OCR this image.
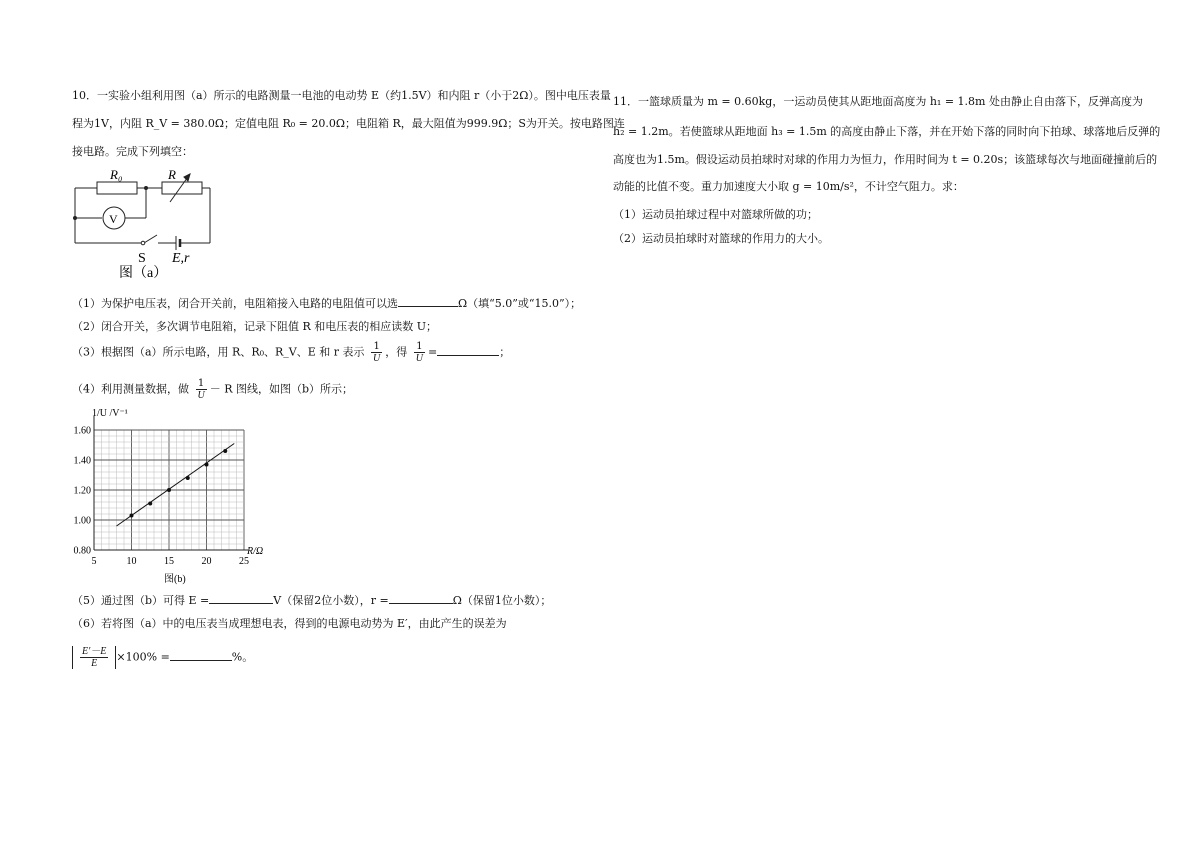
10．一实验小组利用图（a）所示的电路测量一电池的电动势 E（约1.5V）和内阻 r（小于2Ω）。图中电压表量
程为1V，内阻 R_V = 380.0Ω；定值电阻 R₀ = 20.0Ω；电阻箱 R，最大阻值为999.9Ω；S为开关。按电路图连
接电路。完成下列填空：
R₀	R
V
S E,r
图（a）
（1）为保护电压表，闭合开关前，电阻箱接入电路的电阻值可以选	Ω（填“5.0”或“15.0”）；
（2）闭合开关，多次调节电阻箱，记录下阻值 R 和电压表的相应读数 U；
（3）根据图（a）所示电路，用 R、R₀、R_V、E 和 r 表示 $\frac{1}{U}$ ，得 $\frac{1}{U}$ =	；
（4）利用测量数据，做 $\frac{1}{U} - R$ 图线，如图（b）所示；
5	10	15	20	25
0.80
1.00
1.20
1.40
1.60
1/U /V⁻¹
R/Ω
图(b)
（5）通过图（b）可得 E =	V（保留2位小数），r =	Ω（保留1位小数）；
（6）若将图（a）中的电压表当成理想电表，得到的电源电动势为 E′，由此产生的误差为
$\frac{E'-E}{E} \times 100\%$ =	%。
11．一篮球质量为 m = 0.60kg，一运动员使其从距地面高度为 h₁ = 1.8m 处由静止自由落下，反弹高度为
h₂ = 1.2m。若使篮球从距地面 h₃ = 1.5m 的高度由静止下落，并在开始下落的同时向下拍球、球落地后反弹的
高度也为1.5m。假设运动员拍球时对球的作用力为恒力，作用时间为 t = 0.20s；该篮球每次与地面碰撞前后的
动能的比值不变。重力加速度大小取 g = 10m/s²，不计空气阻力。求：
（1）运动员拍球过程中对篮球所做的功；
（2）运动员拍球时对篮球的作用力的大小。
